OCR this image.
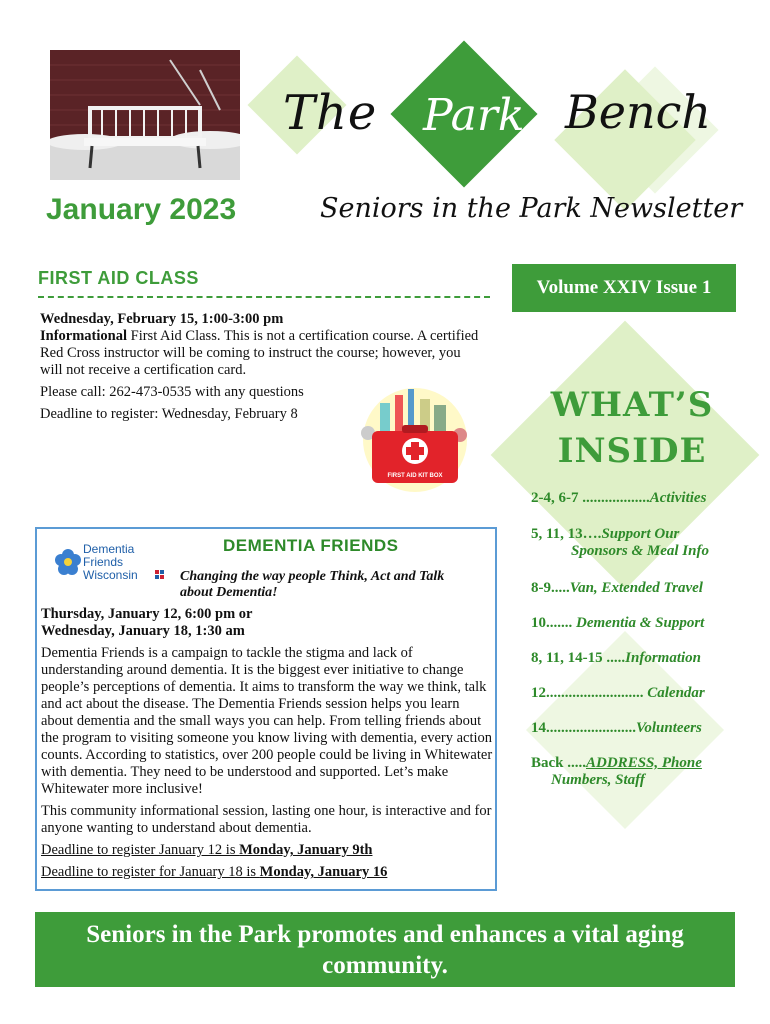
The Park Bench
January 2023	Seniors in the Park Newsletter
FIRST AID CLASS	Volume XXIV Issue 1

Wednesday, February 15, 1:00-3:00 pm

Informational First Aid Class. This is not a certification course. A certified Red Cross instructor will be coming to instruct the course; however, you will not receive a certification card.

Please call: 262-473-0535 with any questions

Deadline to register: Wednesday, February 8

FIRST AID KIT BOX
WHAT’S
INSIDE
2-4, 6-7 ..................Activities
5, 11, 13….Support Our
Sponsors & Meal Info
8-9.....Van, Extended Travel
10....... Dementia & Support
8, 11, 14-15 .....Information
12.......................... Calendar
14........................Volunteers
Back .....ADDRESS, Phone
Numbers, Staff
Dementia
Friends
Wisconsin
DEMENTIA FRIENDS
Changing the way people Think, Act and Talk about Dementia!

Thursday, January 12, 6:00 pm or Wednesday, January 18, 1:30 am

Dementia Friends is a campaign to tackle the stigma and lack of understanding around dementia. It is the biggest ever initiative to change people’s perceptions of dementia. It aims to transform the way we think, talk and act about the disease. The Dementia Friends session helps you learn about dementia and the small ways you can help. From telling friends about the program to visiting someone you know living with dementia, every action counts. According to statistics, over 200 people could be living in Whitewater with dementia. They need to be understood and supported. Let’s make Whitewater more inclusive!

This community informational session, lasting one hour, is interactive and for anyone wanting to understand about dementia.

Deadline to register January 12 is Monday, January 9th

Deadline to register for January 18 is Monday, January 16

Seniors in the Park promotes and enhances a vital aging community.
